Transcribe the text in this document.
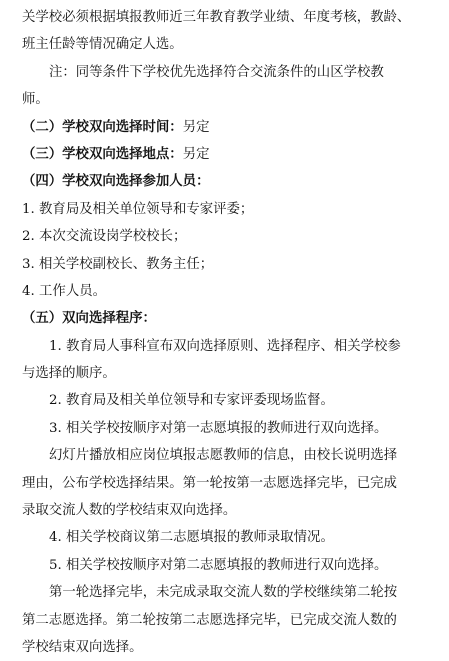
关学校必须根据填报教师近三年教育教学业绩、年度考核，教龄、
班主任龄等情况确定人选。
注：同等条件下学校优先选择符合交流条件的山区学校教
师。
（二）学校双向选择时间：另定
（三）学校双向选择地点：另定
（四）学校双向选择参加人员：
1. 教育局及相关单位领导和专家评委；
2. 本次交流设岗学校校长；
3. 相关学校副校长、教务主任；
4. 工作人员。
（五）双向选择程序：
1. 教育局人事科宣布双向选择原则、选择程序、相关学校参
与选择的顺序。
2. 教育局及相关单位领导和专家评委现场监督。
3. 相关学校按顺序对第一志愿填报的教师进行双向选择。
幻灯片播放相应岗位填报志愿教师的信息，由校长说明选择
理由，公布学校选择结果。第一轮按第一志愿选择完毕，已完成
录取交流人数的学校结束双向选择。
4. 相关学校商议第二志愿填报的教师录取情况。
5. 相关学校按顺序对第二志愿填报的教师进行双向选择。
第一轮选择完毕，未完成录取交流人数的学校继续第二轮按
第二志愿选择。第二轮按第二志愿选择完毕，已完成交流人数的
学校结束双向选择。
